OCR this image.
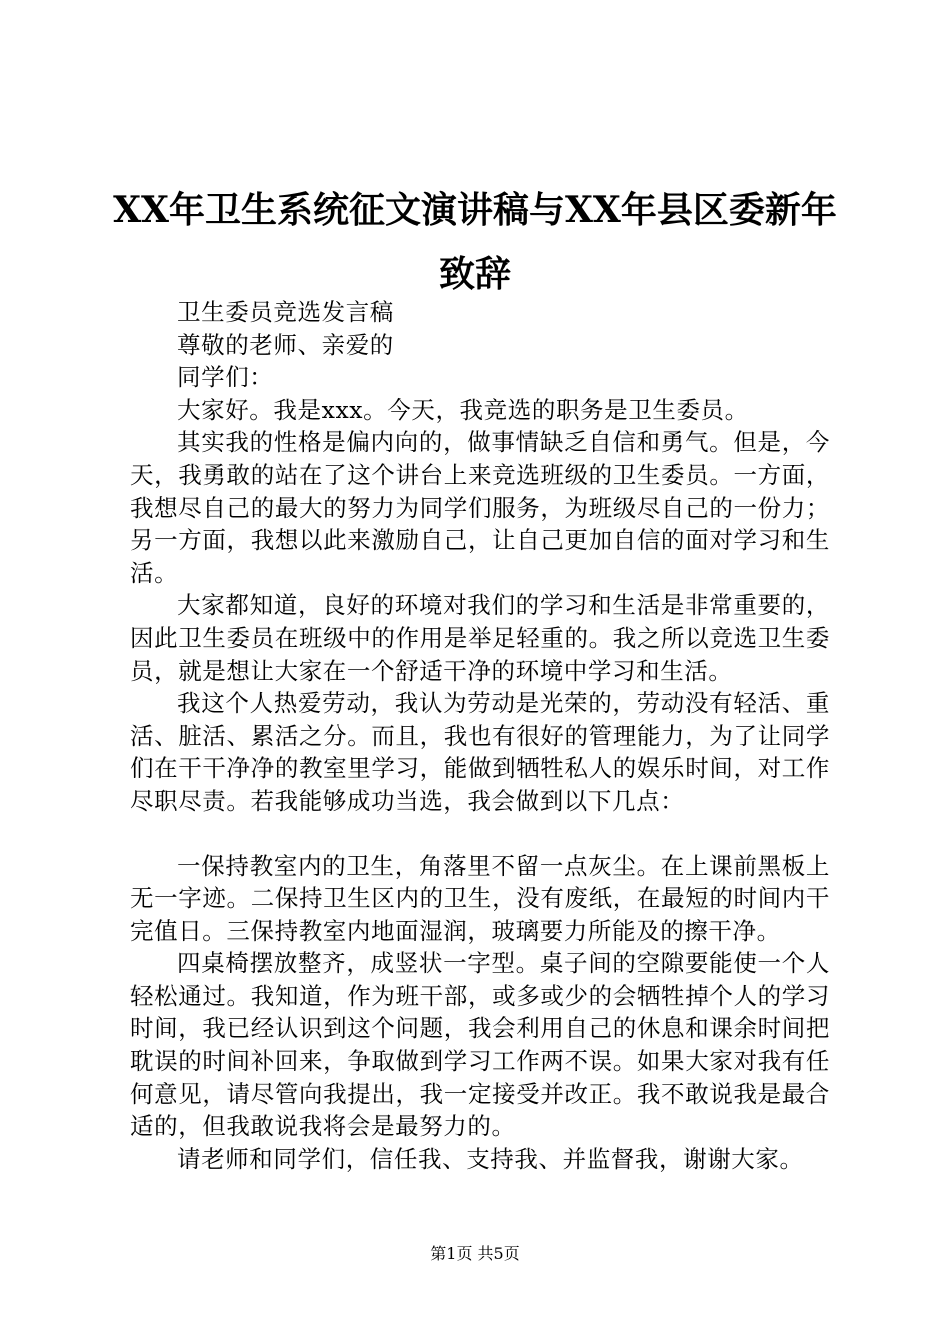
XX年卫生系统征文演讲稿与XX年县区委新年
致辞

卫生委员竞选发言稿

尊敬的老师、亲爱的

同学们：

大家好。我是xxx。今天，我竞选的职务是卫生委员。

其实我的性格是偏内向的，做事情缺乏自信和勇气。但是，今天，我勇敢的站在了这个讲台上来竞选班级的卫生委员。一方面，我想尽自己的最大的努力为同学们服务，为班级尽自己的一份力；另一方面，我想以此来激励自己，让自己更加自信的面对学习和生活。

大家都知道，良好的环境对我们的学习和生活是非常重要的，因此卫生委员在班级中的作用是举足轻重的。我之所以竞选卫生委员，就是想让大家在一个舒适干净的环境中学习和生活。

我这个人热爱劳动，我认为劳动是光荣的，劳动没有轻活、重活、脏活、累活之分。而且，我也有很好的管理能力，为了让同学们在干干净净的教室里学习，能做到牺牲私人的娱乐时间，对工作尽职尽责。若我能够成功当选，我会做到以下几点：

一保持教室内的卫生，角落里不留一点灰尘。在上课前黑板上无一字迹。二保持卫生区内的卫生，没有废纸，在最短的时间内干完值日。三保持教室内地面湿润，玻璃要力所能及的擦干净。

四桌椅摆放整齐，成竖状一字型。桌子间的空隙要能使一个人轻松通过。我知道，作为班干部，或多或少的会牺牲掉个人的学习时间，我已经认识到这个问题，我会利用自己的休息和课余时间把耽误的时间补回来，争取做到学习工作两不误。如果大家对我有任何意见，请尽管向我提出，我一定接受并改正。我不敢说我是最合适的，但我敢说我将会是最努力的。

请老师和同学们，信任我、支持我、并监督我，谢谢大家。

第1页 共5页
